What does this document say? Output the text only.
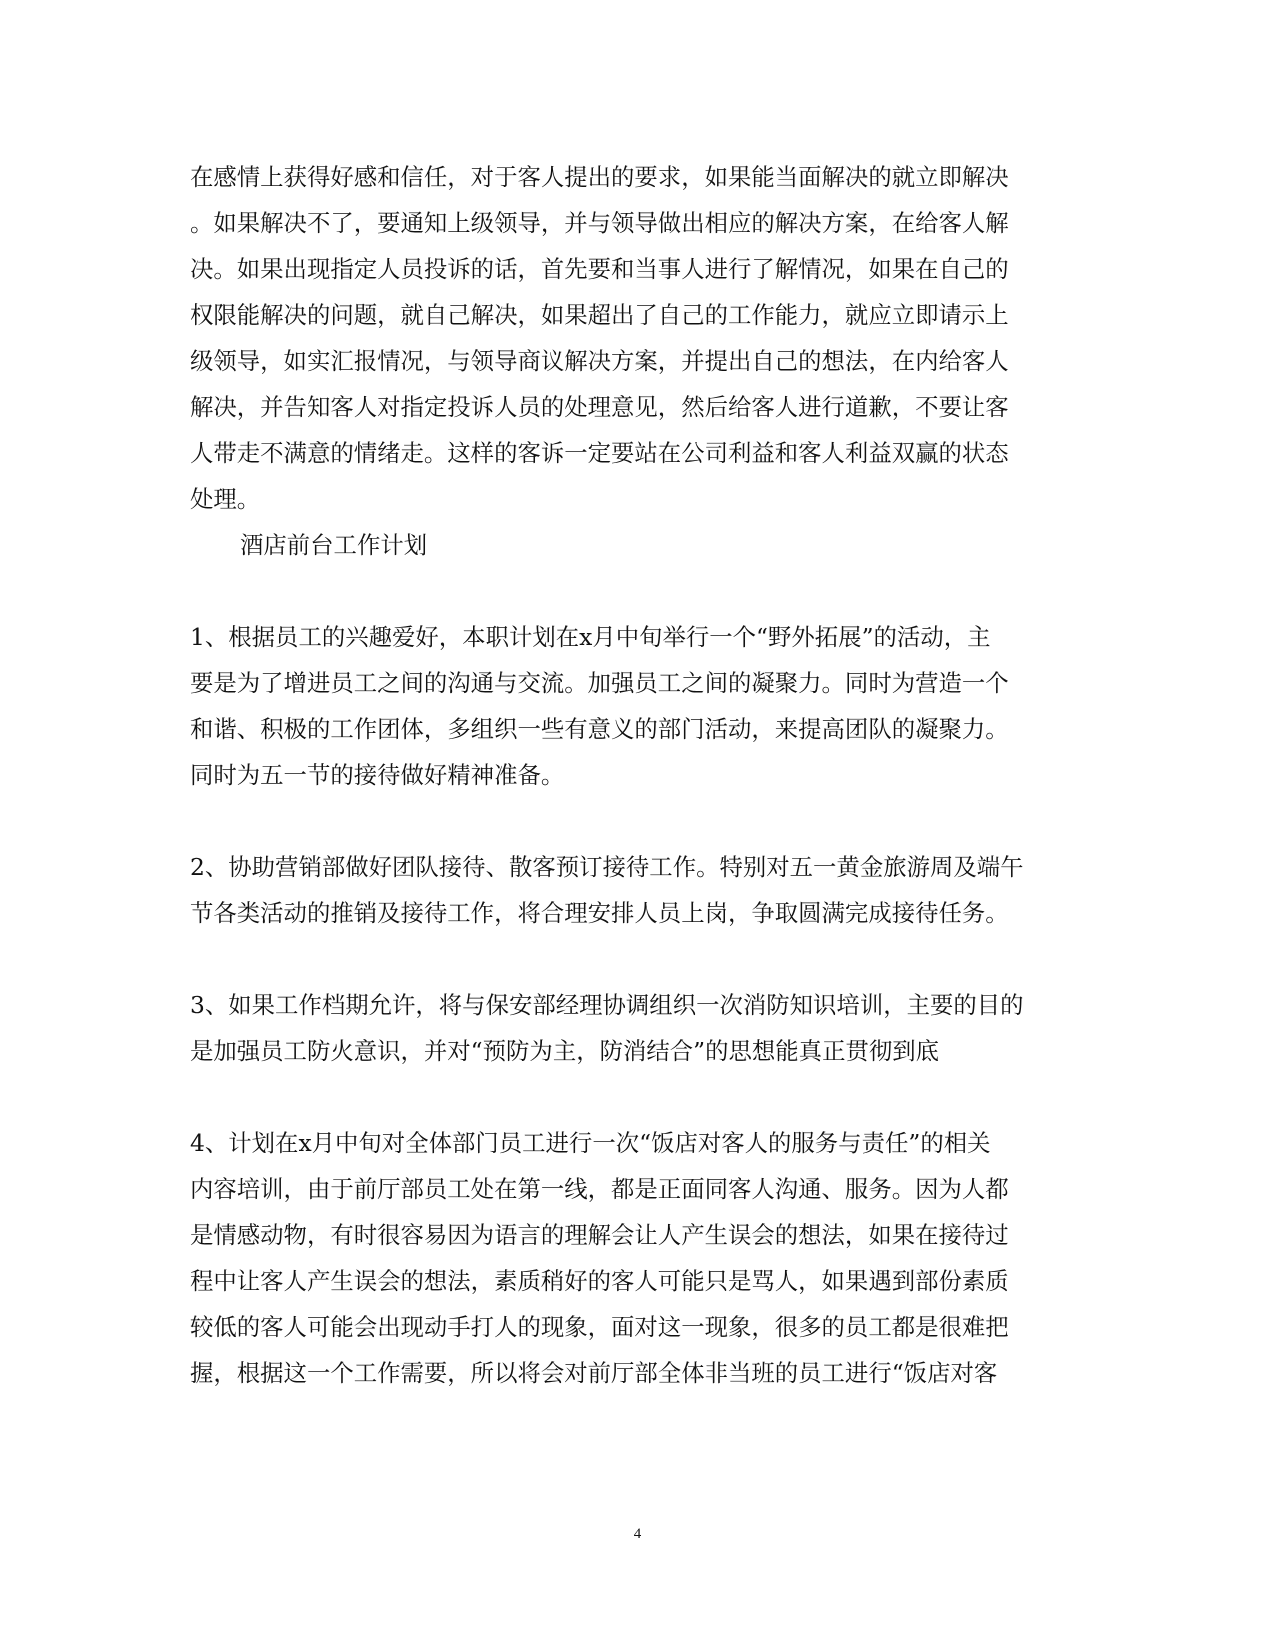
在感情上获得好感和信任，对于客人提出的要求，如果能当面解决的就立即解决
。如果解决不了，要通知上级领导，并与领导做出相应的解决方案，在给客人解
决。如果出现指定人员投诉的话，首先要和当事人进行了解情况，如果在自己的
权限能解决的问题，就自己解决，如果超出了自己的工作能力，就应立即请示上
级领导，如实汇报情况，与领导商议解决方案，并提出自己的想法，在内给客人
解决，并告知客人对指定投诉人员的处理意见，然后给客人进行道歉，不要让客
人带走不满意的情绪走。这样的客诉一定要站在公司利益和客人利益双赢的状态
处理。
酒店前台工作计划
1、根据员工的兴趣爱好，本职计划在x月中旬举行一个“野外拓展”的活动，主
要是为了增进员工之间的沟通与交流。加强员工之间的凝聚力。同时为营造一个
和谐、积极的工作团体，多组织一些有意义的部门活动，来提高团队的凝聚力。
同时为五一节的接待做好精神准备。
2、协助营销部做好团队接待、散客预订接待工作。特别对五一黄金旅游周及端午
节各类活动的推销及接待工作，将合理安排人员上岗，争取圆满完成接待任务。
3、如果工作档期允许，将与保安部经理协调组织一次消防知识培训，主要的目的
是加强员工防火意识，并对“预防为主，防消结合”的思想能真正贯彻到底
4、计划在x月中旬对全体部门员工进行一次“饭店对客人的服务与责任”的相关
内容培训，由于前厅部员工处在第一线，都是正面同客人沟通、服务。因为人都
是情感动物，有时很容易因为语言的理解会让人产生误会的想法，如果在接待过
程中让客人产生误会的想法，素质稍好的客人可能只是骂人，如果遇到部份素质
较低的客人可能会出现动手打人的现象，面对这一现象，很多的员工都是很难把
握，根据这一个工作需要，所以将会对前厅部全体非当班的员工进行“饭店对客
4
